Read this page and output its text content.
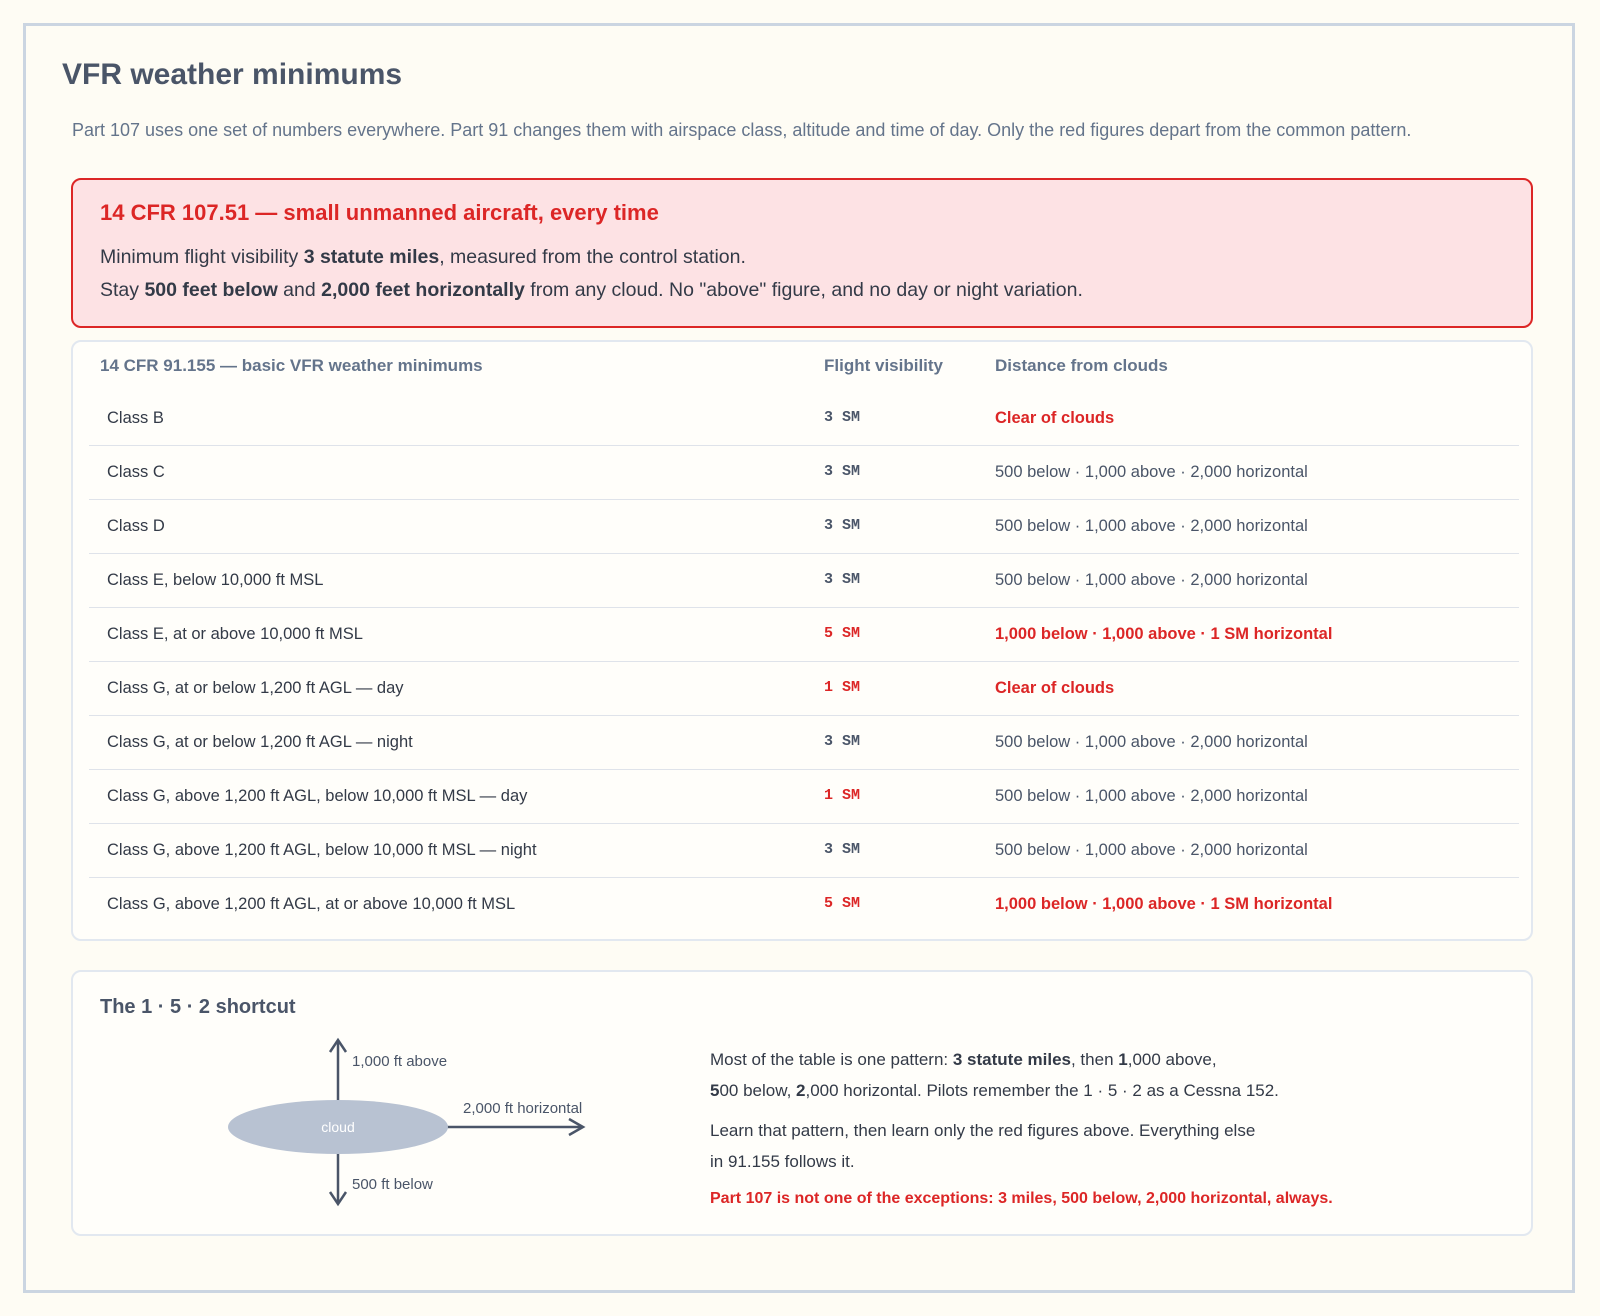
VFR weather minimums

Part 107 uses one set of numbers everywhere. Part 91 changes them with airspace class, altitude and time of day. Only the red figures depart from the common pattern.

14 CFR 107.51 — small unmanned aircraft, every time

Minimum flight visibility 3 statute miles, measured from the control station.

Stay 500 feet below and 2,000 feet horizontally from any cloud. No "above" figure, and no day or night variation.

14 CFR 91.155 — basic VFR weather minimums	Flight visibility	Distance from clouds
Class B	3 SM	Clear of clouds
Class C	3 SM	500 below · 1,000 above · 2,000 horizontal
Class D	3 SM	500 below · 1,000 above · 2,000 horizontal
Class E, below 10,000 ft MSL	3 SM	500 below · 1,000 above · 2,000 horizontal
Class E, at or above 10,000 ft MSL	5 SM	1,000 below · 1,000 above · 1 SM horizontal
Class G, at or below 1,200 ft AGL — day	1 SM	Clear of clouds
Class G, at or below 1,200 ft AGL — night	3 SM	500 below · 1,000 above · 2,000 horizontal
Class G, above 1,200 ft AGL, below 10,000 ft MSL — day	1 SM	500 below · 1,000 above · 2,000 horizontal
Class G, above 1,200 ft AGL, below 10,000 ft MSL — night	3 SM	500 below · 1,000 above · 2,000 horizontal
Class G, above 1,200 ft AGL, at or above 10,000 ft MSL	5 SM	1,000 below · 1,000 above · 1 SM horizontal
The 1 · 5 · 2 shortcut
cloud
1,000 ft above
2,000 ft horizontal
500 ft below

Most of the table is one pattern: 3 statute miles, then 1,000 above,

500 below, 2,000 horizontal. Pilots remember the 1 · 5 · 2 as a Cessna 152.

Learn that pattern, then learn only the red figures above. Everything else

in 91.155 follows it.

Part 107 is not one of the exceptions: 3 miles, 500 below, 2,000 horizontal, always.
